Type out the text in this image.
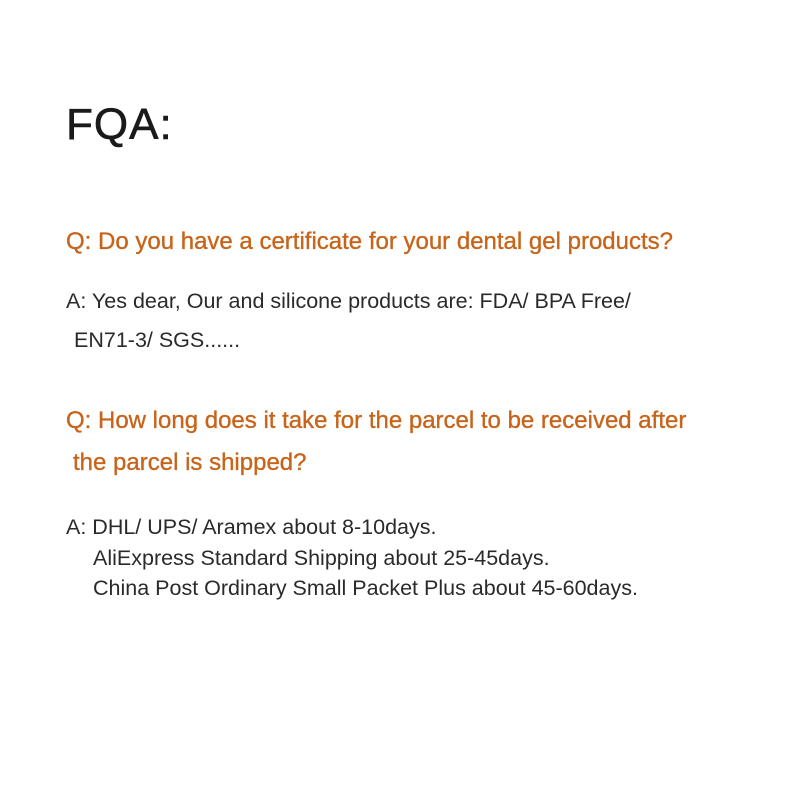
FQA:

Q: Do you have a certificate for your dental gel products?

A: Yes dear, Our and silicone products are: FDA/ BPA Free/

EN71-3/ SGS......

Q: How long does it take for the parcel to be received after

the parcel is shipped?

A: DHL/ UPS/ Aramex about 8-10days.

AliExpress Standard Shipping about 25-45days.

China Post Ordinary Small Packet Plus about 45-60days.
